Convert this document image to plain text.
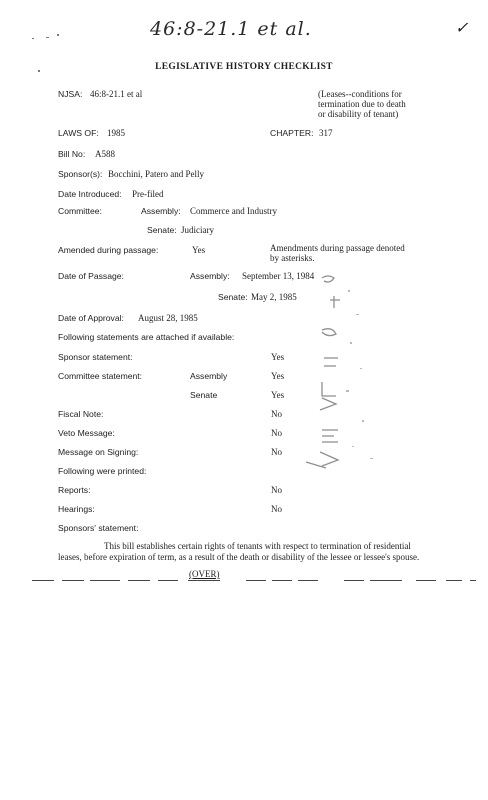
46:8-21.1 et al.	✓
LEGISLATIVE HISTORY CHECKLIST
NJSA: 46:8-21.1 et al	(Leases--conditions for
termination due to death
or disability of tenant)
LAWS OF: 1985	CHAPTER: 317
Bill No: A588
Sponsor(s): Bocchini, Patero and Pelly
Date Introduced: Pre-filed
Committee:	Assembly: Commerce and Industry
Senate: Judiciary
Amended during passage:	Yes	Amendments during passage denoted
by asterisks.
Date of Passage:	Assembly: September 13, 1984
Senate: May 2, 1985
Date of Approval: August 28, 1985
Following statements are attached if available:
Sponsor statement:	Yes
Committee statement:	Assembly	Yes
Senate	Yes
Fiscal Note:	No
Veto Message:	No
Message on Signing:	No
Following were printed:
Reports:	No
Hearings:	No
Sponsors' statement:
This bill establishes certain rights of tenants with respect to termination of residential leases, before expiration of term, as a result of the death or disability of the lessee or lessee's spouse.
(OVER)
